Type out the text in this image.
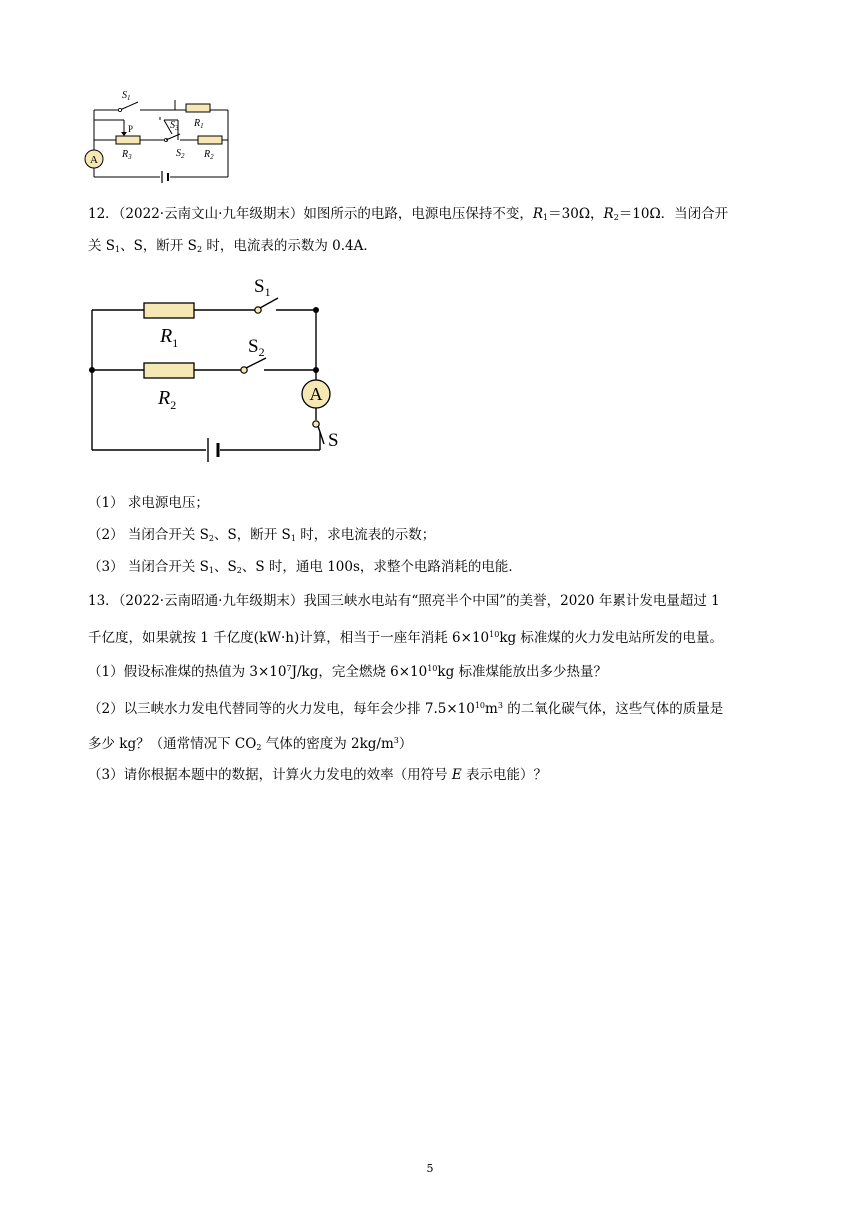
A
$S_1$
$R_1$
P	$S_3$
$R_3$	$S_2$ $R_2$
12．（2022·云南文山·九年级期末）如图所示的电路，电源电压保持不变，$R_1=30\Omega$，$R_2=10\Omega$．当闭合开
关 $S_1$、S，断开 $S_2$ 时，电流表的示数为 0.4A．
A
$S_1$
$R_1$	$S_2$
$R_2$
S
（1） 求电源电压；
（2） 当闭合开关 $S_2$、S，断开 $S_1$ 时，求电流表的示数；
（3） 当闭合开关 $S_1$、$S_2$、S 时，通电 100s，求整个电路消耗的电能．
13．（2022·云南昭通·九年级期末）我国三峡水电站有“照亮半个中国”的美誉，2020 年累计发电量超过 1
千亿度，如果就按 1 千亿度(kW·h)计算，相当于一座年消耗 $6\times 10^{10}kg$ 标准煤的火力发电站所发的电量。
（1）假设标准煤的热值为 $3\times 10^7J/kg$，完全燃烧 $6\times 10^{10}kg$ 标准煤能放出多少热量？
（2）以三峡水力发电代替同等的火力发电，每年会少排 $7.5\times 10^{10}m^3$ 的二氧化碳气体，这些气体的质量是
多少 kg？（通常情况下 $CO_2$ 气体的密度为 $2kg/m^3$）
（3）请你根据本题中的数据，计算火力发电的效率（用符号 E 表示电能）？
5
